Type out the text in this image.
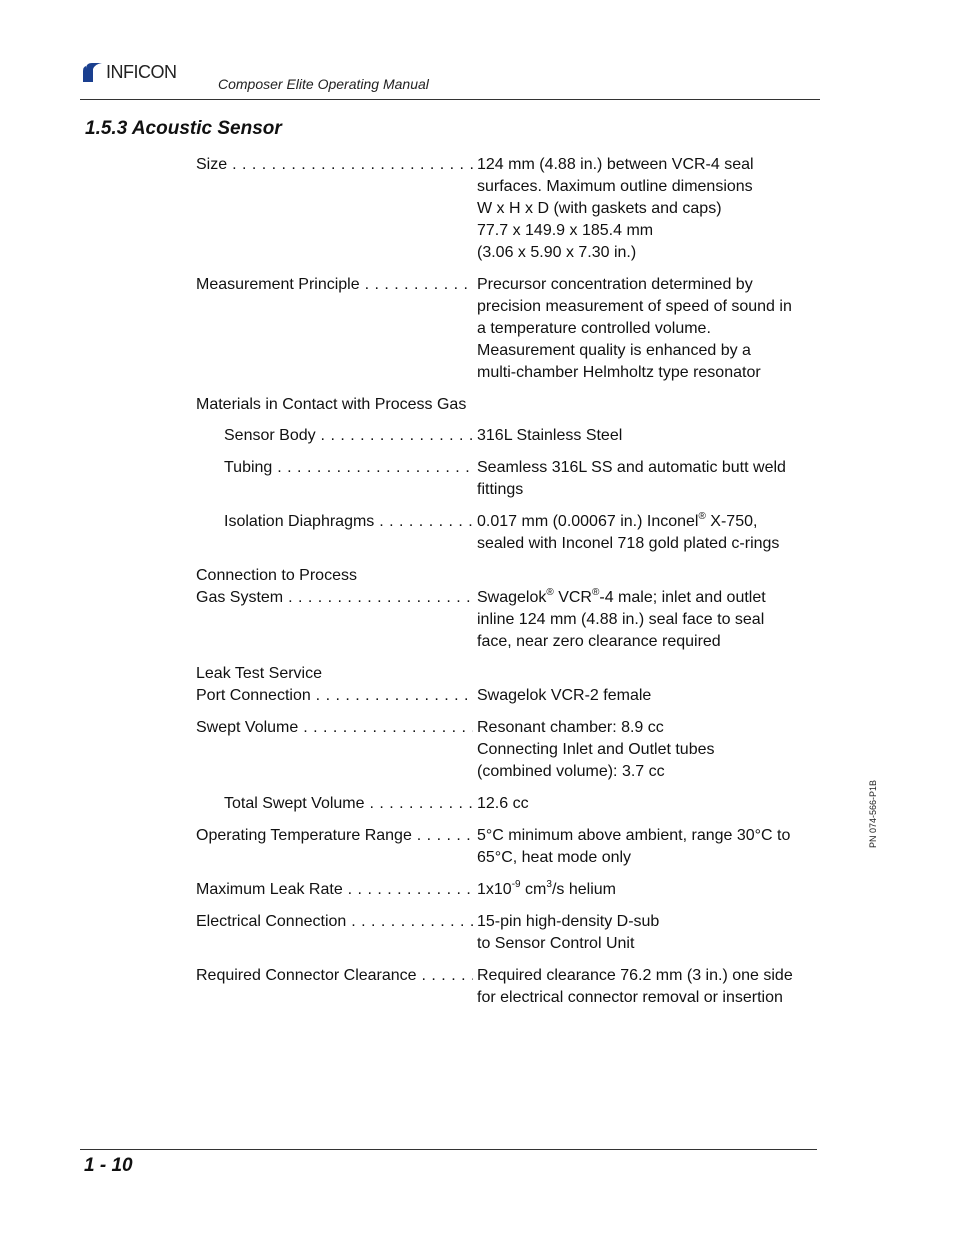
INFICON
Composer Elite Operating Manual
1.5.3 Acoustic Sensor
Size . . .	124 mm (4.88 in.) between VCR-4 seal
surfaces. Maximum outline dimensions
W x H x D (with gaskets and caps)
77.7 x 149.9 x 185.4 mm
(3.06 x 5.90 x 7.30 in.)
Measurement Principle . . .	Precursor concentration determined by
precision measurement of speed of sound in
a temperature controlled volume.
Measurement quality is enhanced by a
multi-chamber Helmholtz type resonator
Materials in Contact with Process Gas
Sensor Body . . .	316L Stainless Steel
Tubing . . .	Seamless 316L SS and automatic butt weld
fittings
Isolation Diaphragms . . .	0.017 mm (0.00067 in.) Inconel® X-750,
sealed with Inconel 718 gold plated c-rings
Connection to Process
Gas System . . .	Swagelok® VCR®-4 male; inlet and outlet
inline 124 mm (4.88 in.) seal face to seal
face, near zero clearance required
Leak Test Service
Port Connection . . .	Swagelok VCR-2 female
Swept Volume . . .	Resonant chamber: 8.9 cc
Connecting Inlet and Outlet tubes
(combined volume): 3.7 cc
Total Swept Volume . . .	12.6 cc
Operating Temperature Range . . .	5°C minimum above ambient, range 30°C to
65°C, heat mode only
Maximum Leak Rate . . .	$1x10^{-9}$ $cm^3/s$ helium
Electrical Connection . . .	15-pin high-density D-sub
to Sensor Control Unit
Required Connector Clearance . . .	Required clearance 76.2 mm (3 in.) one side
for electrical connector removal or insertion
PN 074-566-P1B
1 - 10
